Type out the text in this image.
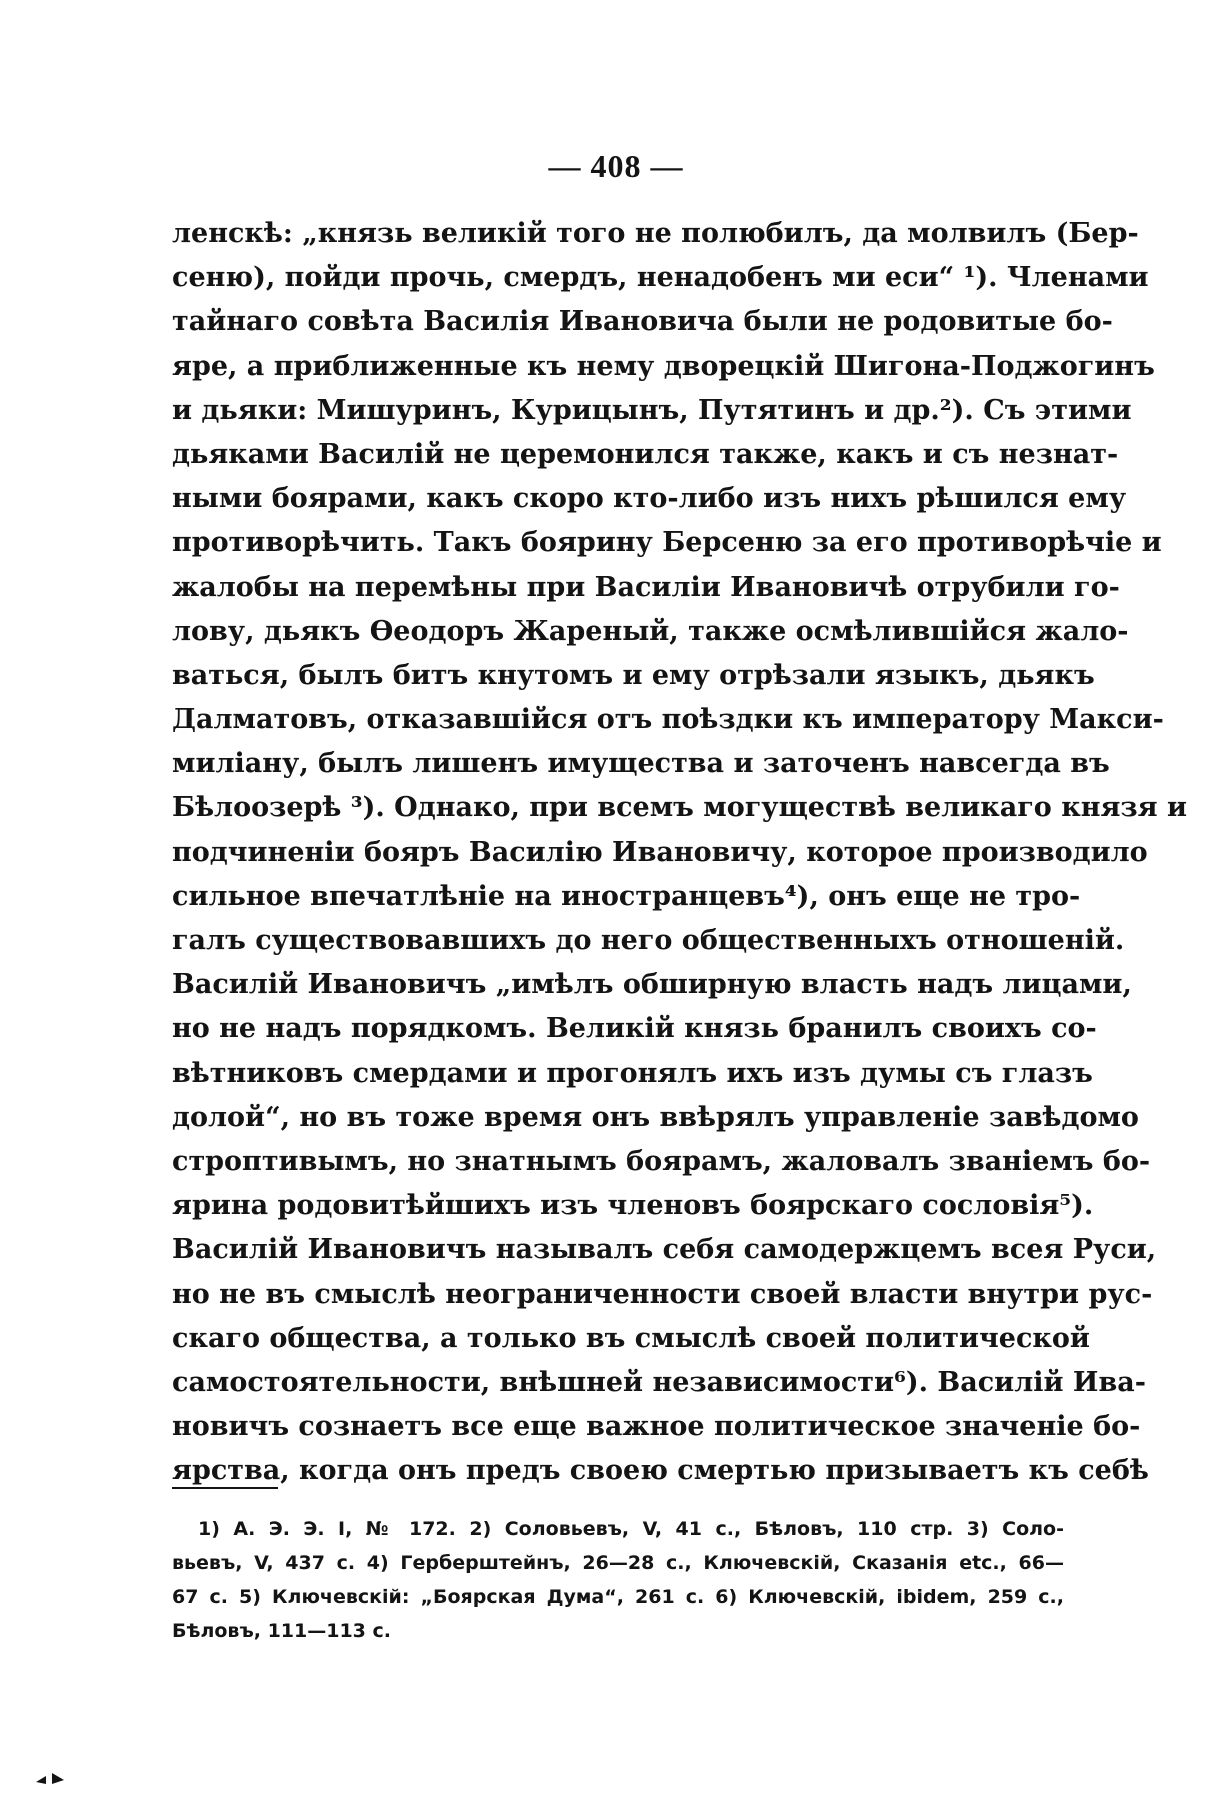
— 408 —
ленскѣ: „князь великій того не полюбилъ, да молвилъ (Бер-
сеню), пойди прочь, смердъ, ненадобенъ ми еси“ ¹). Членами
тайнаго совѣта Василія Ивановича были не родовитые бо-
яре, а приближенные къ нему дворецкій Шигона-Поджогинъ
и дьяки: Мишуринъ, Курицынъ, Путятинъ и др.²). Съ этими
дьяками Василій не церемонился также, какъ и съ незнат-
ными боярами, какъ скоро кто-либо изъ нихъ рѣшился ему
противорѣчить. Такъ боярину Берсеню за его противорѣчіе и
жалобы на перемѣны при Василіи Ивановичѣ отрубили го-
лову, дьякъ Ѳеодоръ Жареный, также осмѣлившійся жало-
ваться, былъ битъ кнутомъ и ему отрѣзали языкъ, дьякъ
Далматовъ, отказавшійся отъ поѣздки къ императору Макси-
миліану, былъ лишенъ имущества и заточенъ навсегда въ
Бѣлоозерѣ ³). Однако, при всемъ могуществѣ великаго князя и
подчиненіи бояръ Василію Ивановичу, которое производило
сильное впечатлѣніе на иностранцевъ⁴), онъ еще не тро-
галъ существовавшихъ до него общественныхъ отношеній.
Василій Ивановичъ „имѣлъ обширную власть надъ лицами,
но не надъ порядкомъ. Великій князь бранилъ своихъ со-
вѣтниковъ смердами и прогонялъ ихъ изъ думы съ глазъ
долой“, но въ тоже время онъ ввѣрялъ управленіе завѣдомо
строптивымъ, но знатнымъ боярамъ, жаловалъ званіемъ бо-
ярина родовитѣйшихъ изъ членовъ боярскаго сословія⁵).
Василій Ивановичъ называлъ себя самодержцемъ всея Руси,
но не въ смыслѣ неограниченности своей власти внутри рус-
скаго общества, а только въ смыслѣ своей политической
самостоятельности, внѣшней независимости⁶). Василій Ива-
новичъ сознаетъ все еще важное политическое значеніе бо-
ярства, когда онъ предъ своею смертью призываетъ къ себѣ
1) А. Э. Э. I, № 172. 2) Соловьевъ, V, 41 с., Бѣловъ, 110 стр. 3) Соло-
вьевъ, V, 437 с. 4) Герберштейнъ, 26—28 с., Ключевскій, Сказанія etc., 66—
67 с. 5) Ключевскій: „Боярская Дума“, 261 с. 6) Ключевскій, ibidem, 259 с.,
Бѣловъ, 111—113 с.
